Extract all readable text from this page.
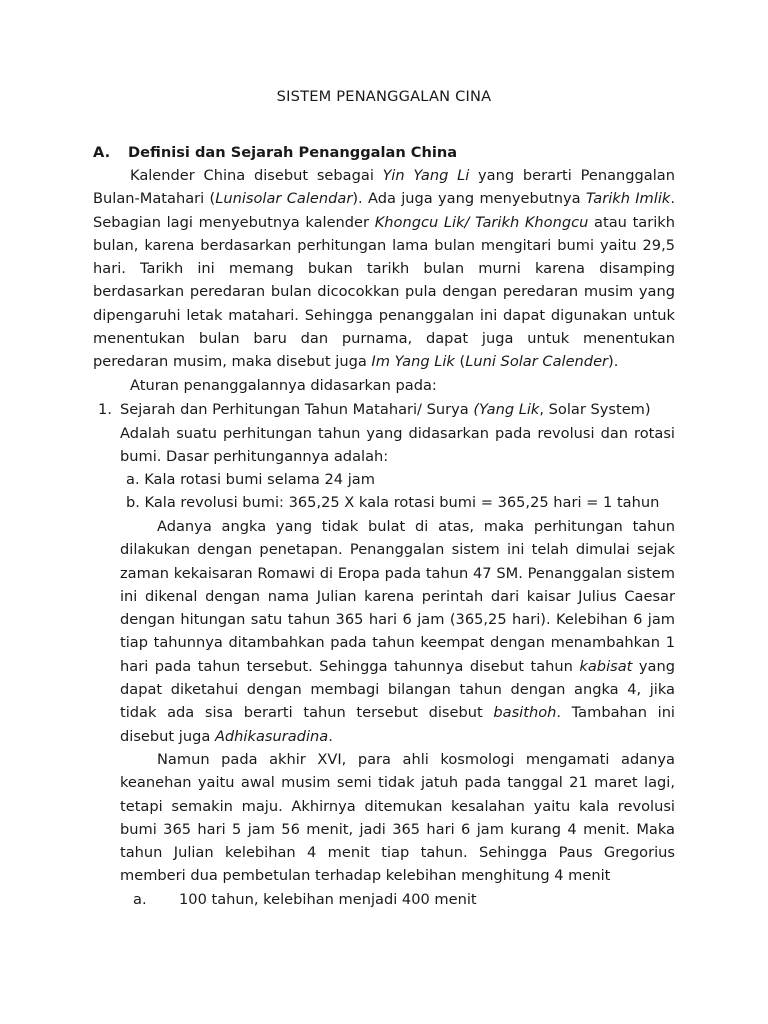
SISTEM PENANGGALAN CINA
A. Definisi dan Sejarah Penanggalan China
Kalender China disebut sebagai Yin Yang Li yang berarti Penanggalan Bulan-Matahari (Lunisolar Calendar). Ada juga yang menyebutnya Tarikh Imlik. Sebagian lagi menyebutnya kalender Khongcu Lik/ Tarikh Khongcu atau tarikh bulan, karena berdasarkan perhitungan lama bulan mengitari bumi yaitu 29,5 hari. Tarikh ini memang bukan tarikh bulan murni karena disamping berdasarkan peredaran bulan dicocokkan pula dengan peredaran musim yang dipengaruhi letak matahari. Sehingga penanggalan ini dapat digunakan untuk menentukan bulan baru dan purnama, dapat juga untuk menentukan peredaran musim, maka disebut juga Im Yang Lik (Luni Solar Calender).
Aturan penanggalannya didasarkan pada:
1. Sejarah dan Perhitungan Tahun Matahari/ Surya (Yang Lik, Solar System)
Adalah suatu perhitungan tahun yang didasarkan pada revolusi dan rotasi bumi. Dasar perhitungannya adalah:
a. Kala rotasi bumi selama 24 jam
b. Kala revolusi bumi: 365,25 X kala rotasi bumi = 365,25 hari = 1 tahun
Adanya angka yang tidak bulat di atas, maka perhitungan tahun dilakukan dengan penetapan. Penanggalan sistem ini telah dimulai sejak zaman kekaisaran Romawi di Eropa pada tahun 47 SM. Penanggalan sistem ini dikenal dengan nama Julian karena perintah dari kaisar Julius Caesar dengan hitungan satu tahun 365 hari 6 jam (365,25 hari). Kelebihan 6 jam tiap tahunnya ditambahkan pada tahun keempat dengan menambahkan 1 hari pada tahun tersebut. Sehingga tahunnya disebut tahun kabisat yang dapat diketahui dengan membagi bilangan tahun dengan angka 4, jika tidak ada sisa berarti tahun tersebut disebut basithoh. Tambahan ini disebut juga Adhikasuradina.
Namun pada akhir XVI, para ahli kosmologi mengamati adanya keanehan yaitu awal musim semi tidak jatuh pada tanggal 21 maret lagi, tetapi semakin maju. Akhirnya ditemukan kesalahan yaitu kala revolusi bumi 365 hari 5 jam 56 menit, jadi 365 hari 6 jam kurang 4 menit. Maka tahun Julian kelebihan 4 menit tiap tahun. Sehingga Paus Gregorius memberi dua pembetulan terhadap kelebihan menghitung 4 menit
a. 100 tahun, kelebihan menjadi 400 menit
